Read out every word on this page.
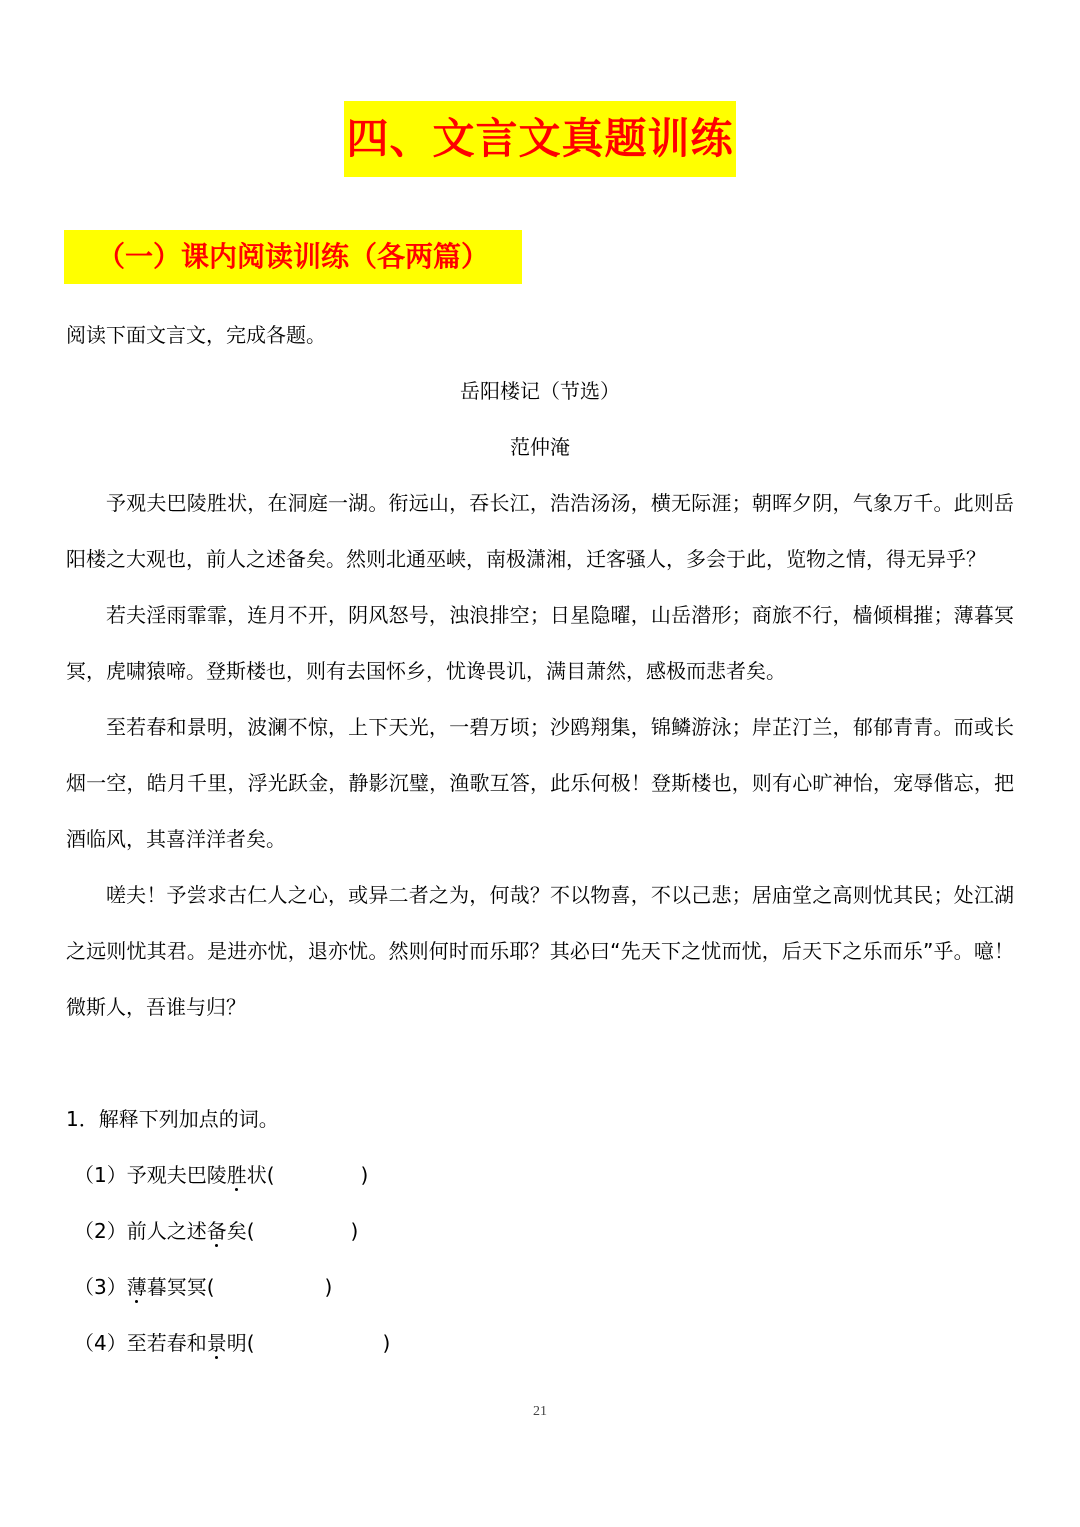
四、文言文真题训练
（一）课内阅读训练（各两篇）
阅读下面文言文，完成各题。
岳阳楼记（节选）
范仲淹

予观夫巴陵胜状，在洞庭一湖。衔远山，吞长江，浩浩汤汤，横无际涯；朝晖夕阴，气象万千。此则岳阳楼之大观也，前人之述备矣。然则北通巫峡，南极潇湘，迁客骚人，多会于此，览物之情，得无异乎？

若夫淫雨霏霏，连月不开，阴风怒号，浊浪排空；日星隐曜，山岳潜形；商旅不行，樯倾楫摧；薄暮冥冥，虎啸猿啼。登斯楼也，则有去国怀乡，忧谗畏讥，满目萧然，感极而悲者矣。

至若春和景明，波澜不惊，上下天光，一碧万顷；沙鸥翔集，锦鳞游泳；岸芷汀兰，郁郁青青。而或长烟一空，皓月千里，浮光跃金，静影沉璧，渔歌互答，此乐何极！登斯楼也，则有心旷神怡，宠辱偕忘，把酒临风，其喜洋洋者矣。

嗟夫！予尝求古仁人之心，或异二者之为，何哉？不以物喜，不以己悲；居庙堂之高则忧其民；处江湖之远则忧其君。是进亦忧，退亦忧。然则何时而乐耶？其必曰“先天下之忧而忧，后天下之乐而乐”乎。噫！微斯人，吾谁与归？

1．解释下列加点的词。
（1）予观夫巴陵胜状(	)
（2）前人之述备矣(	)
（3）薄暮冥冥(	)
（4）至若春和景明(	)
21
